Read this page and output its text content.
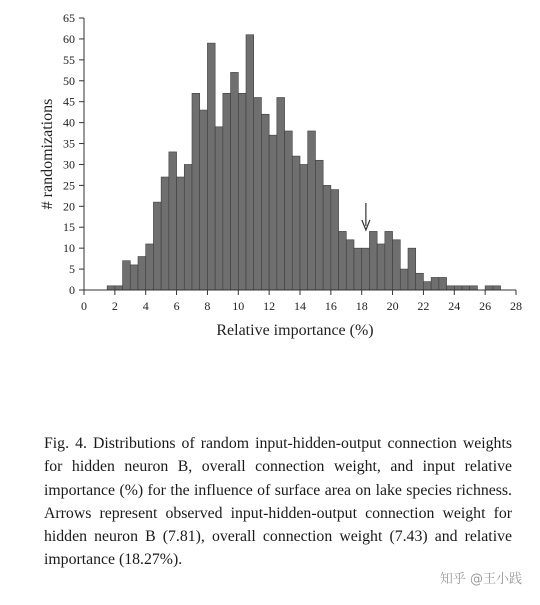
0
5
10
15
20
25
30
35
40
45
50
55
60
65
0 2 4 6 8 10 12 14 16 18 20 22 24 26 28
Relative importance (%)
# randomizations
Fig. 4. Distributions of random input-hidden-output connection weights for hidden neuron B, overall connection weight, and input relative importance (%) for the influence of surface area on lake species richness. Arrows represent observed input-hidden-output connection weight for hidden neuron B (7.81), overall connection weight (7.43) and relative importance (18.27%).
知乎 @王小践
